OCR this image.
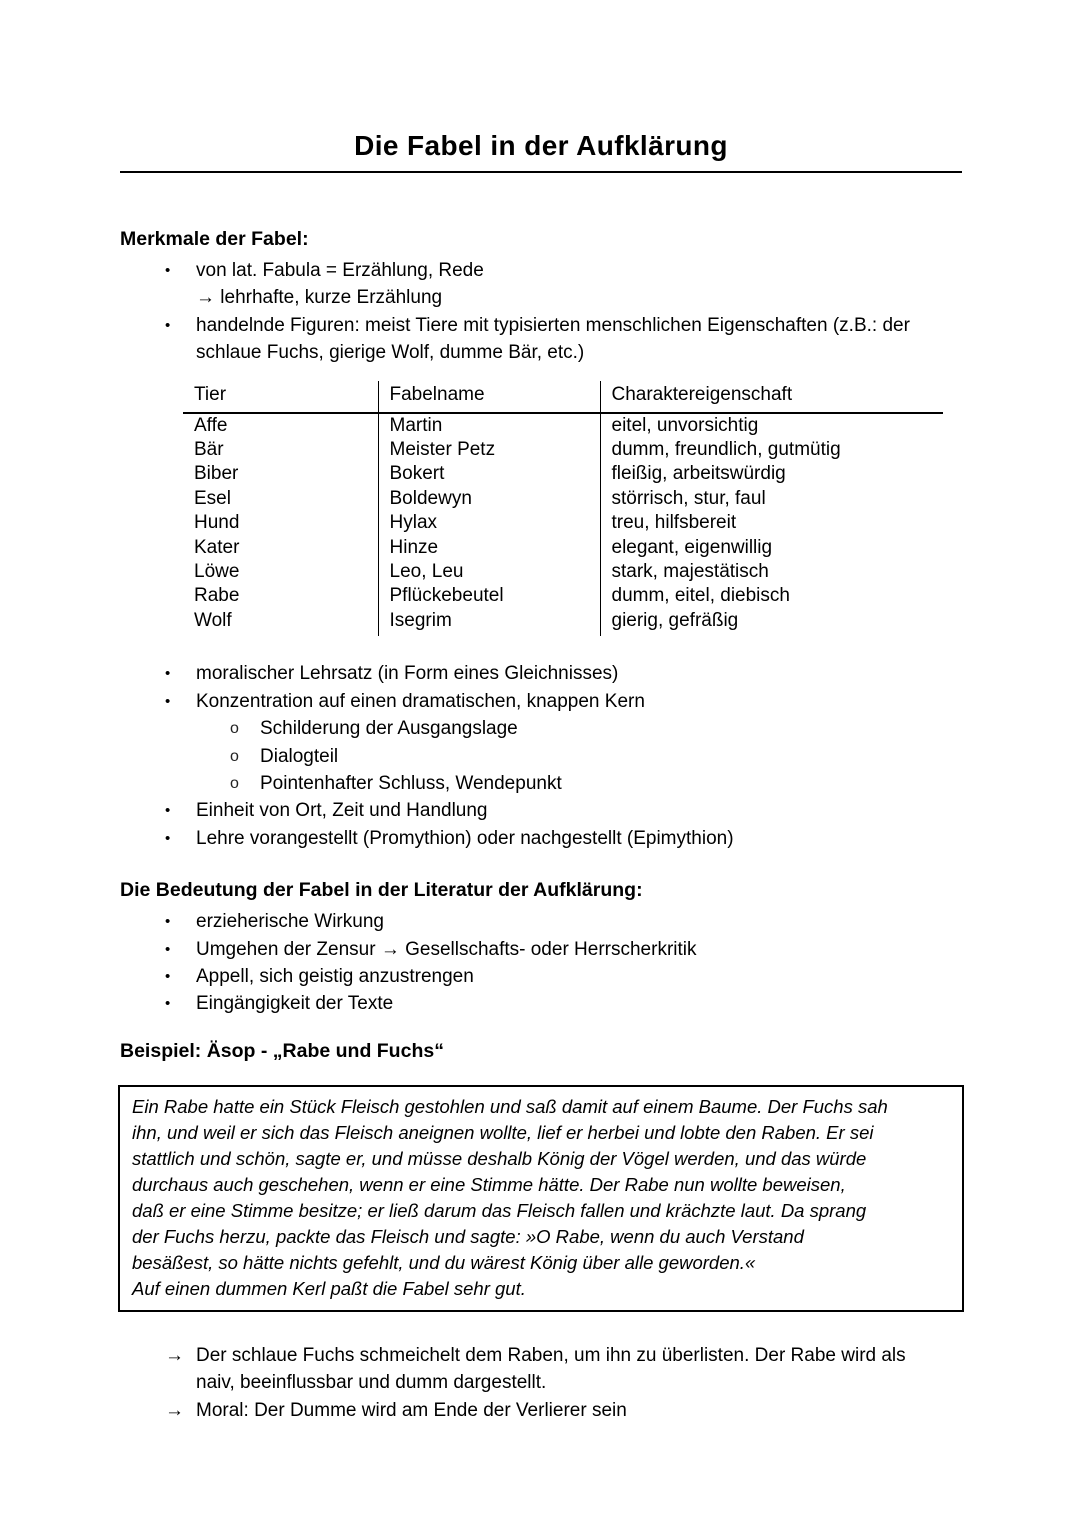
Die Fabel in der Aufklärung
Merkmale der Fabel:
•	von lat. Fabula = Erzählung, Rede
→ lehrhafte, kurze Erzählung
•	handelnde Figuren: meist Tiere mit typisierten menschlichen Eigenschaften (z.B.: der schlaue Fuchs, gierige Wolf, dumme Bär, etc.)
Tier	Fabelname	Charaktereigenschaft
Affe	Martin	eitel, unvorsichtig
Bär	Meister Petz	dumm, freundlich, gutmütig
Biber	Bokert	fleißig, arbeitswürdig
Esel	Boldewyn	störrisch, stur, faul
Hund	Hylax	treu, hilfsbereit
Kater	Hinze	elegant, eigenwillig
Löwe	Leo, Leu	stark, majestätisch
Rabe	Pflückebeutel	dumm, eitel, diebisch
Wolf	Isegrim	gierig, gefräßig
•	moralischer Lehrsatz (in Form eines Gleichnisses)
•	Konzentration auf einen dramatischen, knappen Kern
o	Schilderung der Ausgangslage
o	Dialogteil
o	Pointenhafter Schluss, Wendepunkt
•	Einheit von Ort, Zeit und Handlung
•	Lehre vorangestellt (Promythion) oder nachgestellt (Epimythion)
Die Bedeutung der Fabel in der Literatur der Aufklärung:
•	erzieherische Wirkung
•	Umgehen der Zensur → Gesellschafts- oder Herrscherkritik
•	Appell, sich geistig anzustrengen
•	Eingängigkeit der Texte
Beispiel: Äsop - „Rabe und Fuchs“
Ein Rabe hatte ein Stück Fleisch gestohlen und saß damit auf einem Baume. Der Fuchs sah
ihn, und weil er sich das Fleisch aneignen wollte, lief er herbei und lobte den Raben. Er sei
stattlich und schön, sagte er, und müsse deshalb König der Vögel werden, und das würde
durchaus auch geschehen, wenn er eine Stimme hätte. Der Rabe nun wollte beweisen,
daß er eine Stimme besitze; er ließ darum das Fleisch fallen und krächzte laut. Da sprang
der Fuchs herzu, packte das Fleisch und sagte: »O Rabe, wenn du auch Verstand
besäßest, so hätte nichts gefehlt, und du wärest König über alle geworden.«
Auf einen dummen Kerl paßt die Fabel sehr gut.
→ Der schlaue Fuchs schmeichelt dem Raben, um ihn zu überlisten. Der Rabe wird als naiv, beeinflussbar und dumm dargestellt.
→ Moral: Der Dumme wird am Ende der Verlierer sein
